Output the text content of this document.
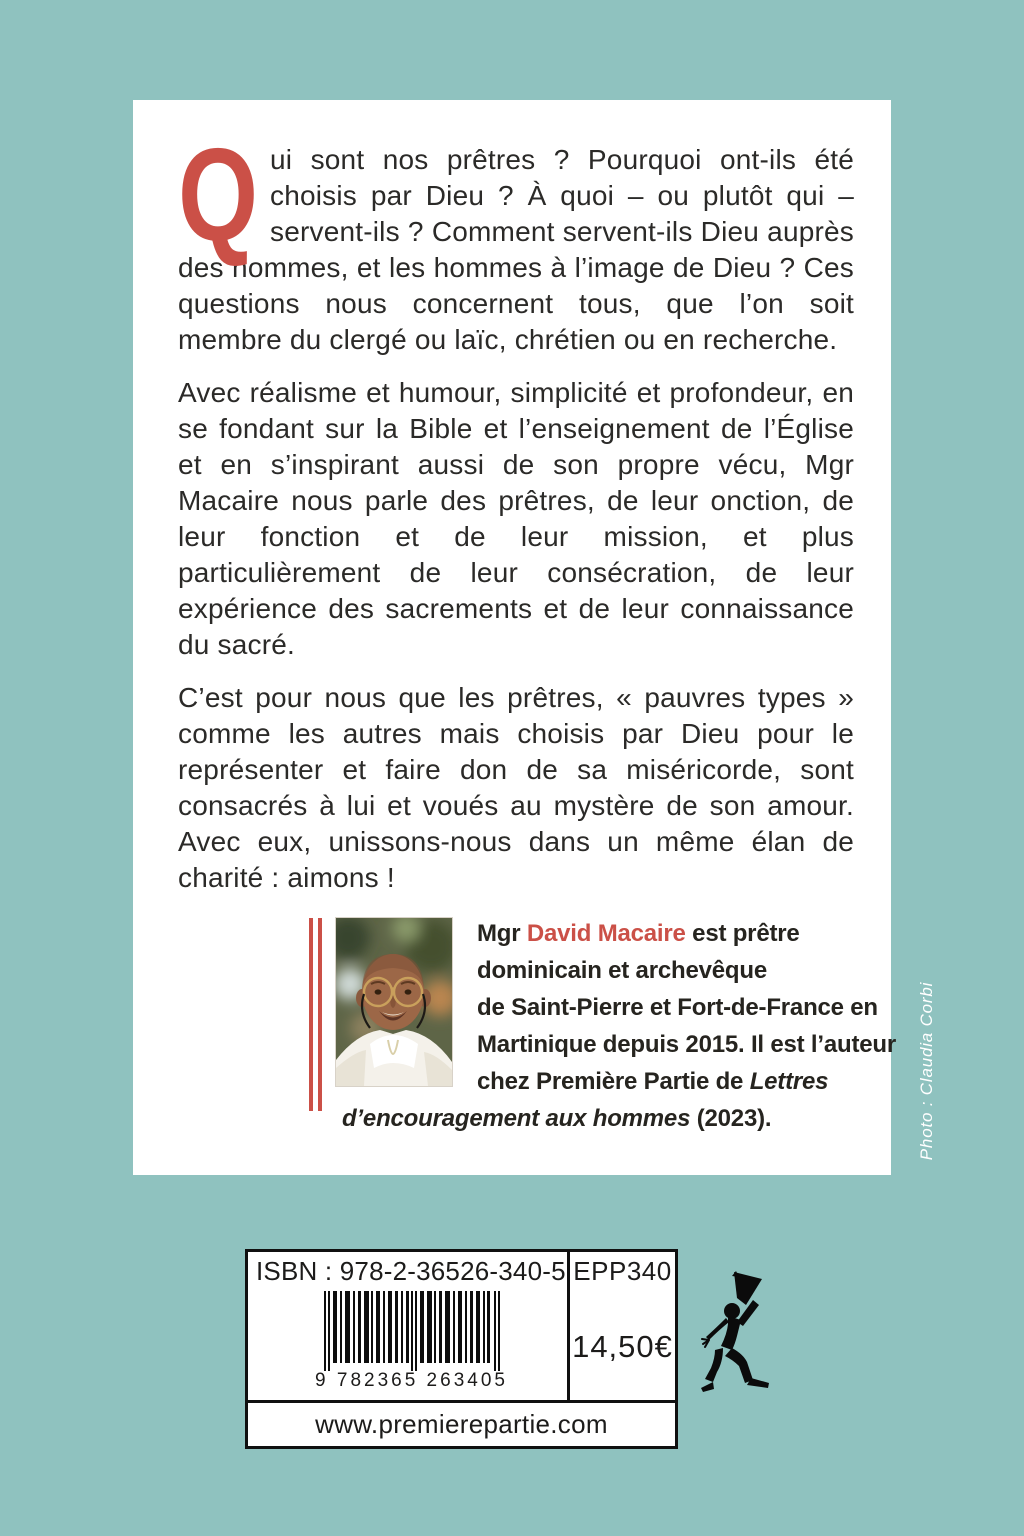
Qui sont nos prêtres ? Pourquoi ont-ils été choisis par Dieu ? À quoi – ou plutôt qui – servent-ils ? Comment servent-ils Dieu auprès des hommes, et les hommes à l’image de Dieu ? Ces questions nous concernent tous, que l’on soit membre du clergé ou laïc, chrétien ou en recherche.

Avec réalisme et humour, simplicité et profondeur, en se fondant sur la Bible et l’enseignement de l’Église et en s’inspirant aussi de son propre vécu, Mgr Macaire nous parle des prêtres, de leur onction, de leur fonction et de leur mission, et plus particulièrement de leur consécration, de leur expérience des sacrements et de leur connaissance du sacré.

C’est pour nous que les prêtres, « pauvres types » comme les autres mais choisis par Dieu pour le représenter et faire don de sa miséricorde, sont consacrés à lui et voués au mystère de son amour. Avec eux, unissons-nous dans un même élan de charité : aimons !

Mgr David Macaire est prêtre
dominicain et archevêque
de Saint-Pierre et Fort-de-France en
Martinique depuis 2015. Il est l’auteur
chez Première Partie de Lettres d’encouragement aux hommes (2023).	Photo : Claudia Corbi
ISBN : 978-2-36526-340-5
9 782365 263405
EPP340
14,50€
www.premierepartie.com
